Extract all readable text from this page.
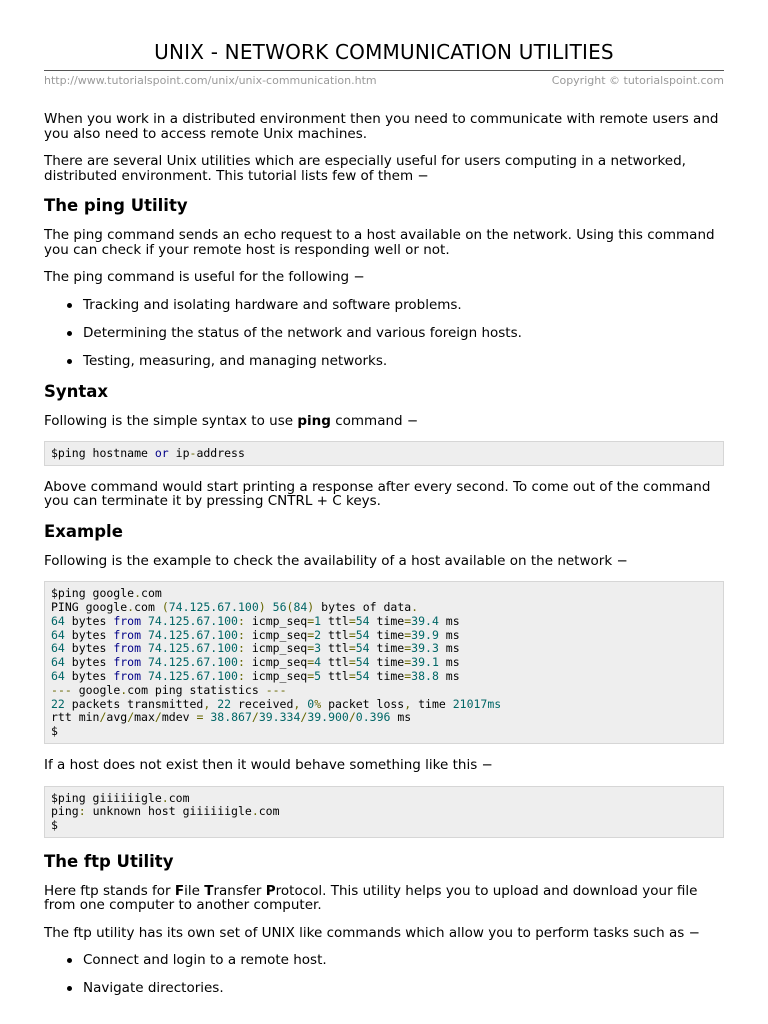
UNIX - NETWORK COMMUNICATION UTILITIES
http://www.tutorialspoint.com/unix/unix-communication.htm	Copyright © tutorialspoint.com

When you work in a distributed environment then you need to communicate with remote users and you also need to access remote Unix machines.

There are several Unix utilities which are especially useful for users computing in a networked, distributed environment. This tutorial lists few of them −

The ping Utility

The ping command sends an echo request to a host available on the network. Using this command you can check if your remote host is responding well or not.

The ping command is useful for the following −

Tracking and isolating hardware and software problems.
Determining the status of the network and various foreign hosts.
Testing, measuring, and managing networks.
Syntax

Following is the simple syntax to use ping command −

$ping hostname or ip-address

Above command would start printing a response after every second. To come out of the command you can terminate it by pressing CNTRL + C keys.

Example

Following is the example to check the availability of a host available on the network −

$ping google.com
PING google.com (74.125.67.100) 56(84) bytes of data.
64 bytes from 74.125.67.100: icmp_seq=1 ttl=54 time=39.4 ms
64 bytes from 74.125.67.100: icmp_seq=2 ttl=54 time=39.9 ms
64 bytes from 74.125.67.100: icmp_seq=3 ttl=54 time=39.3 ms
64 bytes from 74.125.67.100: icmp_seq=4 ttl=54 time=39.1 ms
64 bytes from 74.125.67.100: icmp_seq=5 ttl=54 time=38.8 ms
--- google.com ping statistics ---
22 packets transmitted, 22 received, 0% packet loss, time 21017ms
rtt min/avg/max/mdev = 38.867/39.334/39.900/0.396 ms
$

If a host does not exist then it would behave something like this −

$ping giiiiiigle.com
ping: unknown host giiiiiigle.com
$
The ftp Utility

Here ftp stands for File Transfer Protocol. This utility helps you to upload and download your file from one computer to another computer.

The ftp utility has its own set of UNIX like commands which allow you to perform tasks such as −

Connect and login to a remote host.
Navigate directories.
